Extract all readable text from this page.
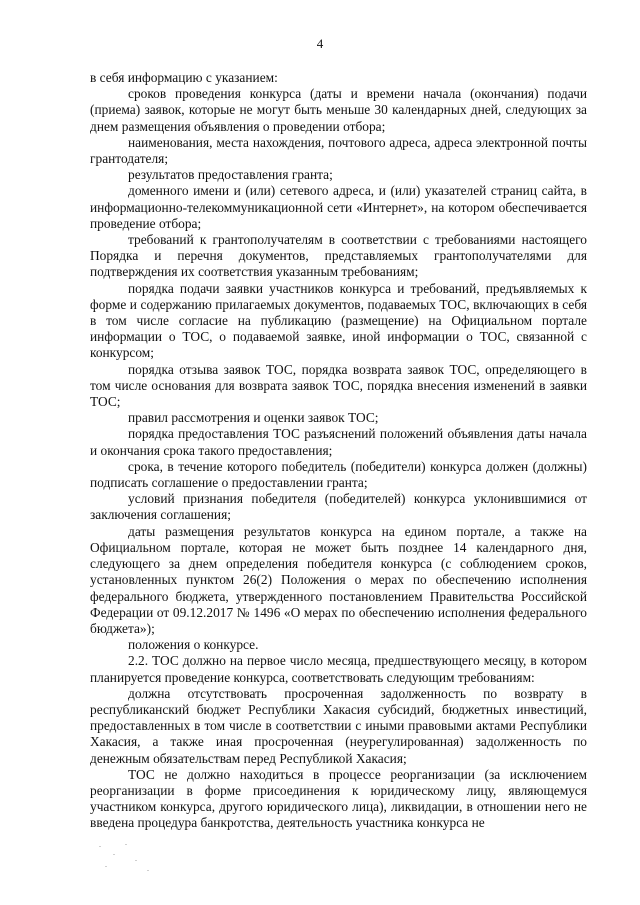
4

в себя информацию с указанием:

сроков проведения конкурса (даты и времени начала (окончания) подачи (приема) заявок, которые не могут быть меньше 30 календарных дней, следующих за днем размещения объявления о проведении отбора;

наименования, места нахождения, почтового адреса, адреса электронной почты грантодателя;

результатов предоставления гранта;

доменного имени и (или) сетевого адреса, и (или) указателей страниц сайта, в информационно-телекоммуникационной сети «Интернет», на котором обеспечивается проведение отбора;

требований к грантополучателям в соответствии с требованиями настоящего Порядка и перечня документов, представляемых грантополучателями для подтверждения их соответствия указанным требованиям;

порядка подачи заявки участников конкурса и требований, предъявляемых к форме и содержанию прилагаемых документов, подаваемых ТОС, включающих в себя в том числе согласие на публикацию (размещение) на Официальном портале информации о ТОС, о подаваемой заявке, иной информации о ТОС, связанной с конкурсом;

порядка отзыва заявок ТОС, порядка возврата заявок ТОС, определяющего в том числе основания для возврата заявок ТОС, порядка внесения изменений в заявки ТОС;

правил рассмотрения и оценки заявок ТОС;

порядка предоставления ТОС разъяснений положений объявления даты начала и окончания срока такого предоставления;

срока, в течение которого победитель (победители) конкурса должен (должны) подписать соглашение о предоставлении гранта;

условий признания победителя (победителей) конкурса уклонившимися от заключения соглашения;

даты размещения результатов конкурса на едином портале, а также на Официальном портале, которая не может быть позднее 14 календарного дня, следующего за днем определения победителя конкурса (с соблюдением сроков, установленных пунктом 26(2) Положения о мерах по обеспечению исполнения федерального бюджета, утвержденного постановлением Правительства Российской Федерации от 09.12.2017 № 1496 «О мерах по обеспечению исполнения федерального бюджета»);

положения о конкурсе.

2.2. ТОС должно на первое число месяца, предшествующего месяцу, в котором планируется проведение конкурса, соответствовать следующим требованиям:

должна отсутствовать просроченная задолженность по возврату в республиканский бюджет Республики Хакасия субсидий, бюджетных инвестиций, предоставленных в том числе в соответствии с иными правовыми актами Республики Хакасия, а также иная просроченная (неурегулированная) задолженность по денежным обязательствам перед Республикой Хакасия;

ТОС не должно находиться в процессе реорганизации (за исключением реорганизации в форме присоединения к юридическому лицу, являющемуся участником конкурса, другого юридического лица), ликвидации, в отношении него не введена процедура банкротства, деятельность участника конкурса не
